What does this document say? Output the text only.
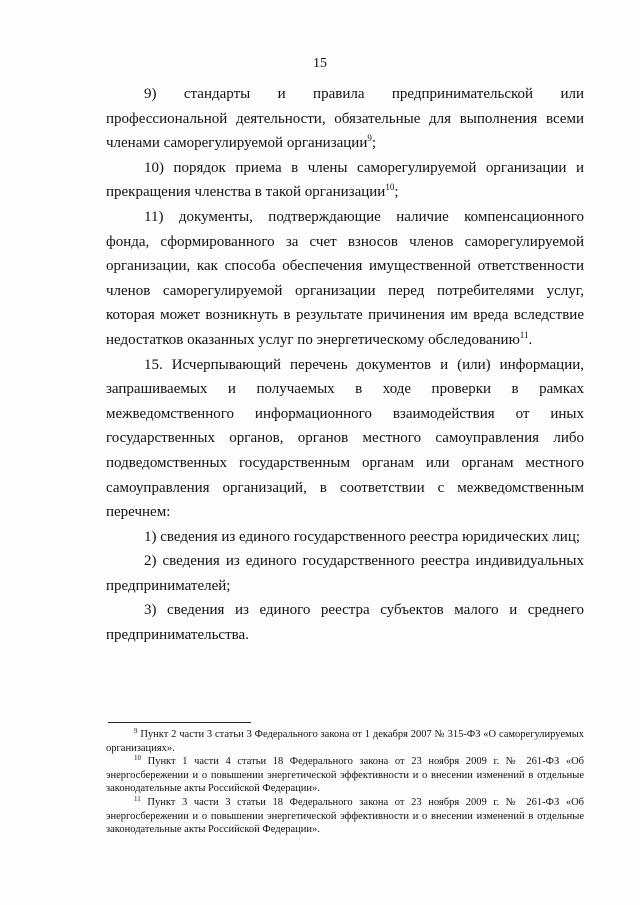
15

9) стандарты и правила предпринимательской или профессиональной деятельности, обязательные для выполнения всеми членами саморегулируемой организации$^9$;

10) порядок приема в члены саморегулируемой организации и прекращения членства в такой организации$^{10}$;

11) документы, подтверждающие наличие компенсационного фонда, сформированного за счет взносов членов саморегулируемой организации, как способа обеспечения имущественной ответственности членов саморегулируемой организации перед потребителями услуг, которая может возникнуть в результате причинения им вреда вследствие недостатков оказанных услуг по энергетическому обследованию$^{11}$.

15. Исчерпывающий перечень документов и (или) информации, запрашиваемых и получаемых в ходе проверки в рамках межведомственного информационного взаимодействия от иных государственных органов, органов местного самоуправления либо подведомственных государственным органам или органам местного самоуправления организаций, в соответствии с межведомственным перечнем:

1) сведения из единого государственного реестра юридических лиц;

2) сведения из единого государственного реестра индивидуальных предпринимателей;

3) сведения из единого реестра субъектов малого и среднего предпринимательства.

$^9$ Пункт 2 части 3 статьи 3 Федерального закона от 1 декабря 2007 № 315-ФЗ «О саморегулируемых организациях».

$^{10}$ Пункт 1 части 4 статьи 18 Федерального закона от 23 ноября 2009 г. № 261-ФЗ «Об энергосбережении и о повышении энергетической эффективности и о внесении изменений в отдельные законодательные акты Российской Федерации».

$^{11}$ Пункт 3 части 3 статьи 18 Федерального закона от 23 ноября 2009 г. № 261-ФЗ «Об энергосбережении и о повышении энергетической эффективности и о внесении изменений в отдельные законодательные акты Российской Федерации».
